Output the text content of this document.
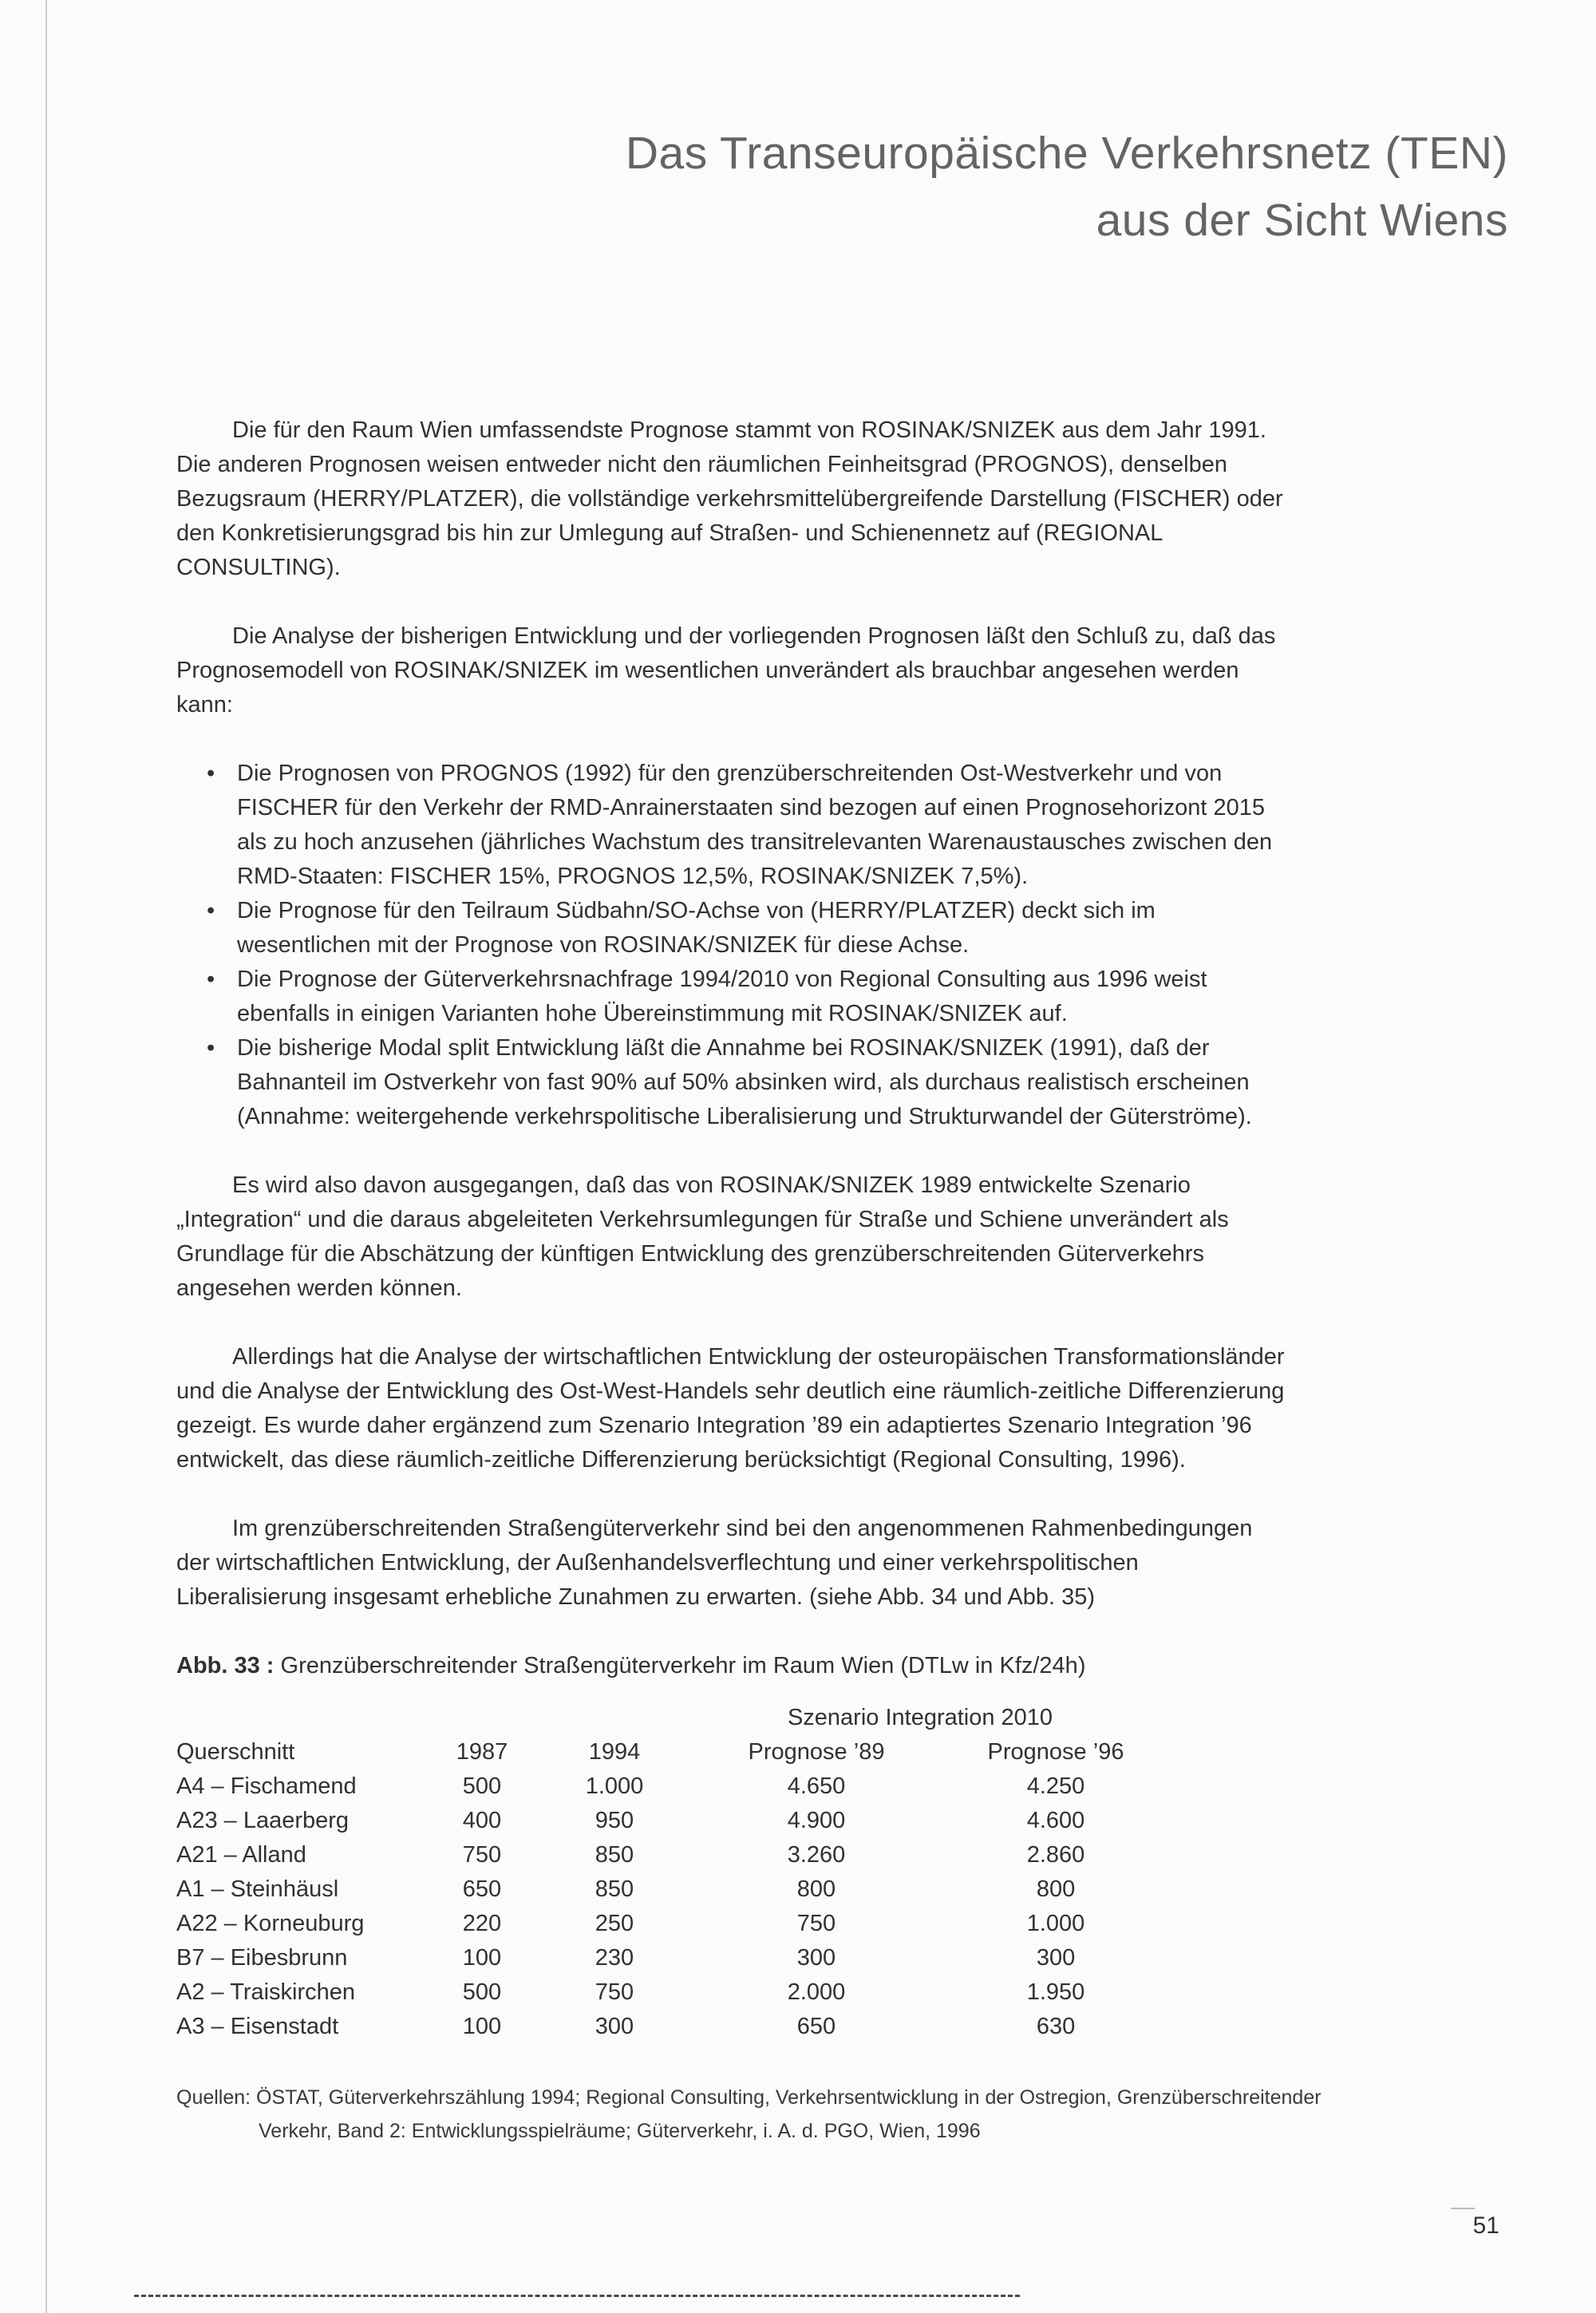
Das Transeuropäische Verkehrsnetz (TEN)
aus der Sicht Wiens

Die für den Raum Wien umfassendste Prognose stammt von ROSINAK/SNIZEK aus dem Jahr 1991. Die anderen Prognosen weisen entweder nicht den räumlichen Feinheitsgrad (PROGNOS), denselben Bezugsraum (HERRY/PLATZER), die vollständige verkehrsmittelübergreifende Darstellung (FISCHER) oder den Konkretisierungsgrad bis hin zur Umlegung auf Straßen- und Schienennetz auf (REGIONAL CONSULTING).

Die Analyse der bisherigen Entwicklung und der vorliegenden Prognosen läßt den Schluß zu, daß das Prognosemodell von ROSINAK/SNIZEK im wesentlichen unverändert als brauchbar angesehen werden kann:

• Die Prognosen von PROGNOS (1992) für den grenzüberschreitenden Ost-Westverkehr und von FISCHER für den Verkehr der RMD-Anrainerstaaten sind bezogen auf einen Prognosehorizont 2015 als zu hoch anzusehen (jährliches Wachstum des transitrelevanten Warenaustausches zwischen den RMD-Staaten: FISCHER 15%, PROGNOS 12,5%, ROSINAK/SNIZEK 7,5%).
• Die Prognose für den Teilraum Südbahn/SO-Achse von (HERRY/PLATZER) deckt sich im wesentlichen mit der Prognose von ROSINAK/SNIZEK für diese Achse.
• Die Prognose der Güterverkehrsnachfrage 1994/2010 von Regional Consulting aus 1996 weist ebenfalls in einigen Varianten hohe Übereinstimmung mit ROSINAK/SNIZEK auf.
• Die bisherige Modal split Entwicklung läßt die Annahme bei ROSINAK/SNIZEK (1991), daß der Bahnanteil im Ostverkehr von fast 90% auf 50% absinken wird, als durchaus realistisch erscheinen (Annahme: weitergehende verkehrspolitische Liberalisierung und Strukturwandel der Güterströme).

Es wird also davon ausgegangen, daß das von ROSINAK/SNIZEK 1989 entwickelte Szenario „Integration“ und die daraus abgeleiteten Verkehrsumlegungen für Straße und Schiene unverändert als Grundlage für die Abschätzung der künftigen Entwicklung des grenzüberschreitenden Güterverkehrs angesehen werden können.

Allerdings hat die Analyse der wirtschaftlichen Entwicklung der osteuropäischen Transformationsländer und die Analyse der Entwicklung des Ost-West-Handels sehr deutlich eine räumlich-zeitliche Differenzierung gezeigt. Es wurde daher ergänzend zum Szenario Integration ’89 ein adaptiertes Szenario Integration ’96 entwickelt, das diese räumlich-zeitliche Differenzierung berücksichtigt (Regional Consulting, 1996).

Im grenzüberschreitenden Straßengüterverkehr sind bei den angenommenen Rahmenbedingungen der wirtschaftlichen Entwicklung, der Außenhandelsverflechtung und einer verkehrspolitischen Liberalisierung insgesamt erhebliche Zunahmen zu erwarten. (siehe Abb. 34 und Abb. 35)

Abb. 33 : Grenzüberschreitender Straßengüterverkehr im Raum Wien (DTLw in Kfz/24h)

			Szenario Integration 2010	
Querschnitt	1987	1994	Prognose ’89	Prognose ’96
A4 – Fischamend	500	1.000	4.650	4.250
A23 – Laaerberg	400	950	4.900	4.600
A21 – Alland	750	850	3.260	2.860
A1 – Steinhäusl	650	850	800	800
A22 – Korneuburg	220	250	750	1.000
B7 – Eibesbrunn	100	230	300	300
A2 – Traiskirchen	500	750	2.000	1.950
A3 – Eisenstadt	100	300	650	630

Quellen: ÖSTAT, Güterverkehrszählung 1994; Regional Consulting, Verkehrsentwicklung in der Ostregion, Grenzüberschreitender Verkehr, Band 2: Entwicklungsspielräume; Güterverkehr, i. A. d. PGO, Wien, 1996

51
